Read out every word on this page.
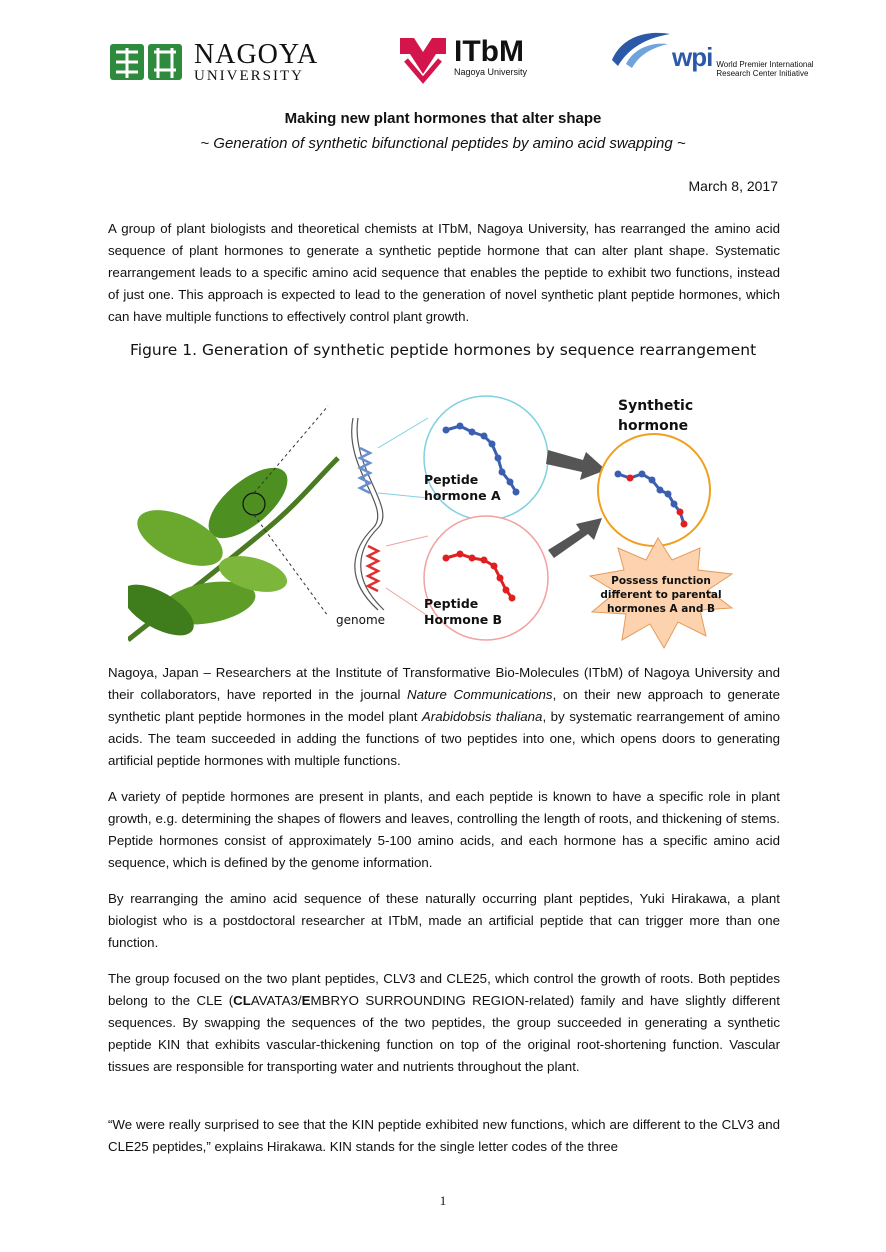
NAGOYA
UNIVERSITY
ITbM
Nagoya University
wpi World Premier International
Research Center Initiative
Making new plant hormones that alter shape
~ Generation of synthetic bifunctional peptides by amino acid swapping ~
March 8, 2017

A group of plant biologists and theoretical chemists at ITbM, Nagoya University, has rearranged the amino acid sequence of plant hormones to generate a synthetic peptide hormone that can alter plant shape. Systematic rearrangement leads to a specific amino acid sequence that enables the peptide to exhibit two functions, instead of just one. This approach is expected to lead to the generation of novel synthetic plant peptide hormones, which can have multiple functions to effectively control plant growth.

Figure 1. Generation of synthetic peptide hormones by sequence rearrangement
Peptide
hormone A
Peptide
Hormone B
genome
Synthetic
hormone
Possess function
different to parental
hormones A and B

Nagoya, Japan – Researchers at the Institute of Transformative Bio-Molecules (ITbM) of Nagoya University and their collaborators, have reported in the journal Nature Communications, on their new approach to generate synthetic plant peptide hormones in the model plant Arabidobsis thaliana, by systematic rearrangement of amino acids. The team succeeded in adding the functions of two peptides into one, which opens doors to generating artificial peptide hormones with multiple functions.

A variety of peptide hormones are present in plants, and each peptide is known to have a specific role in plant growth, e.g. determining the shapes of flowers and leaves, controlling the length of roots, and thickening of stems. Peptide hormones consist of approximately 5-100 amino acids, and each hormone has a specific amino acid sequence, which is defined by the genome information.

By rearranging the amino acid sequence of these naturally occurring plant peptides, Yuki Hirakawa, a plant biologist who is a postdoctoral researcher at ITbM, made an artificial peptide that can trigger more than one function.

The group focused on the two plant peptides, CLV3 and CLE25, which control the growth of roots. Both peptides belong to the CLE (CLAVATA3/EMBRYO SURROUNDING REGION-related) family and have slightly different sequences. By swapping the sequences of the two peptides, the group succeeded in generating a synthetic peptide KIN that exhibits vascular-thickening function on top of the original root-shortening function. Vascular tissues are responsible for transporting water and nutrients throughout the plant.

“We were really surprised to see that the KIN peptide exhibited new functions, which are different to the CLV3 and CLE25 peptides,” explains Hirakawa. KIN stands for the single letter codes of the three

1
